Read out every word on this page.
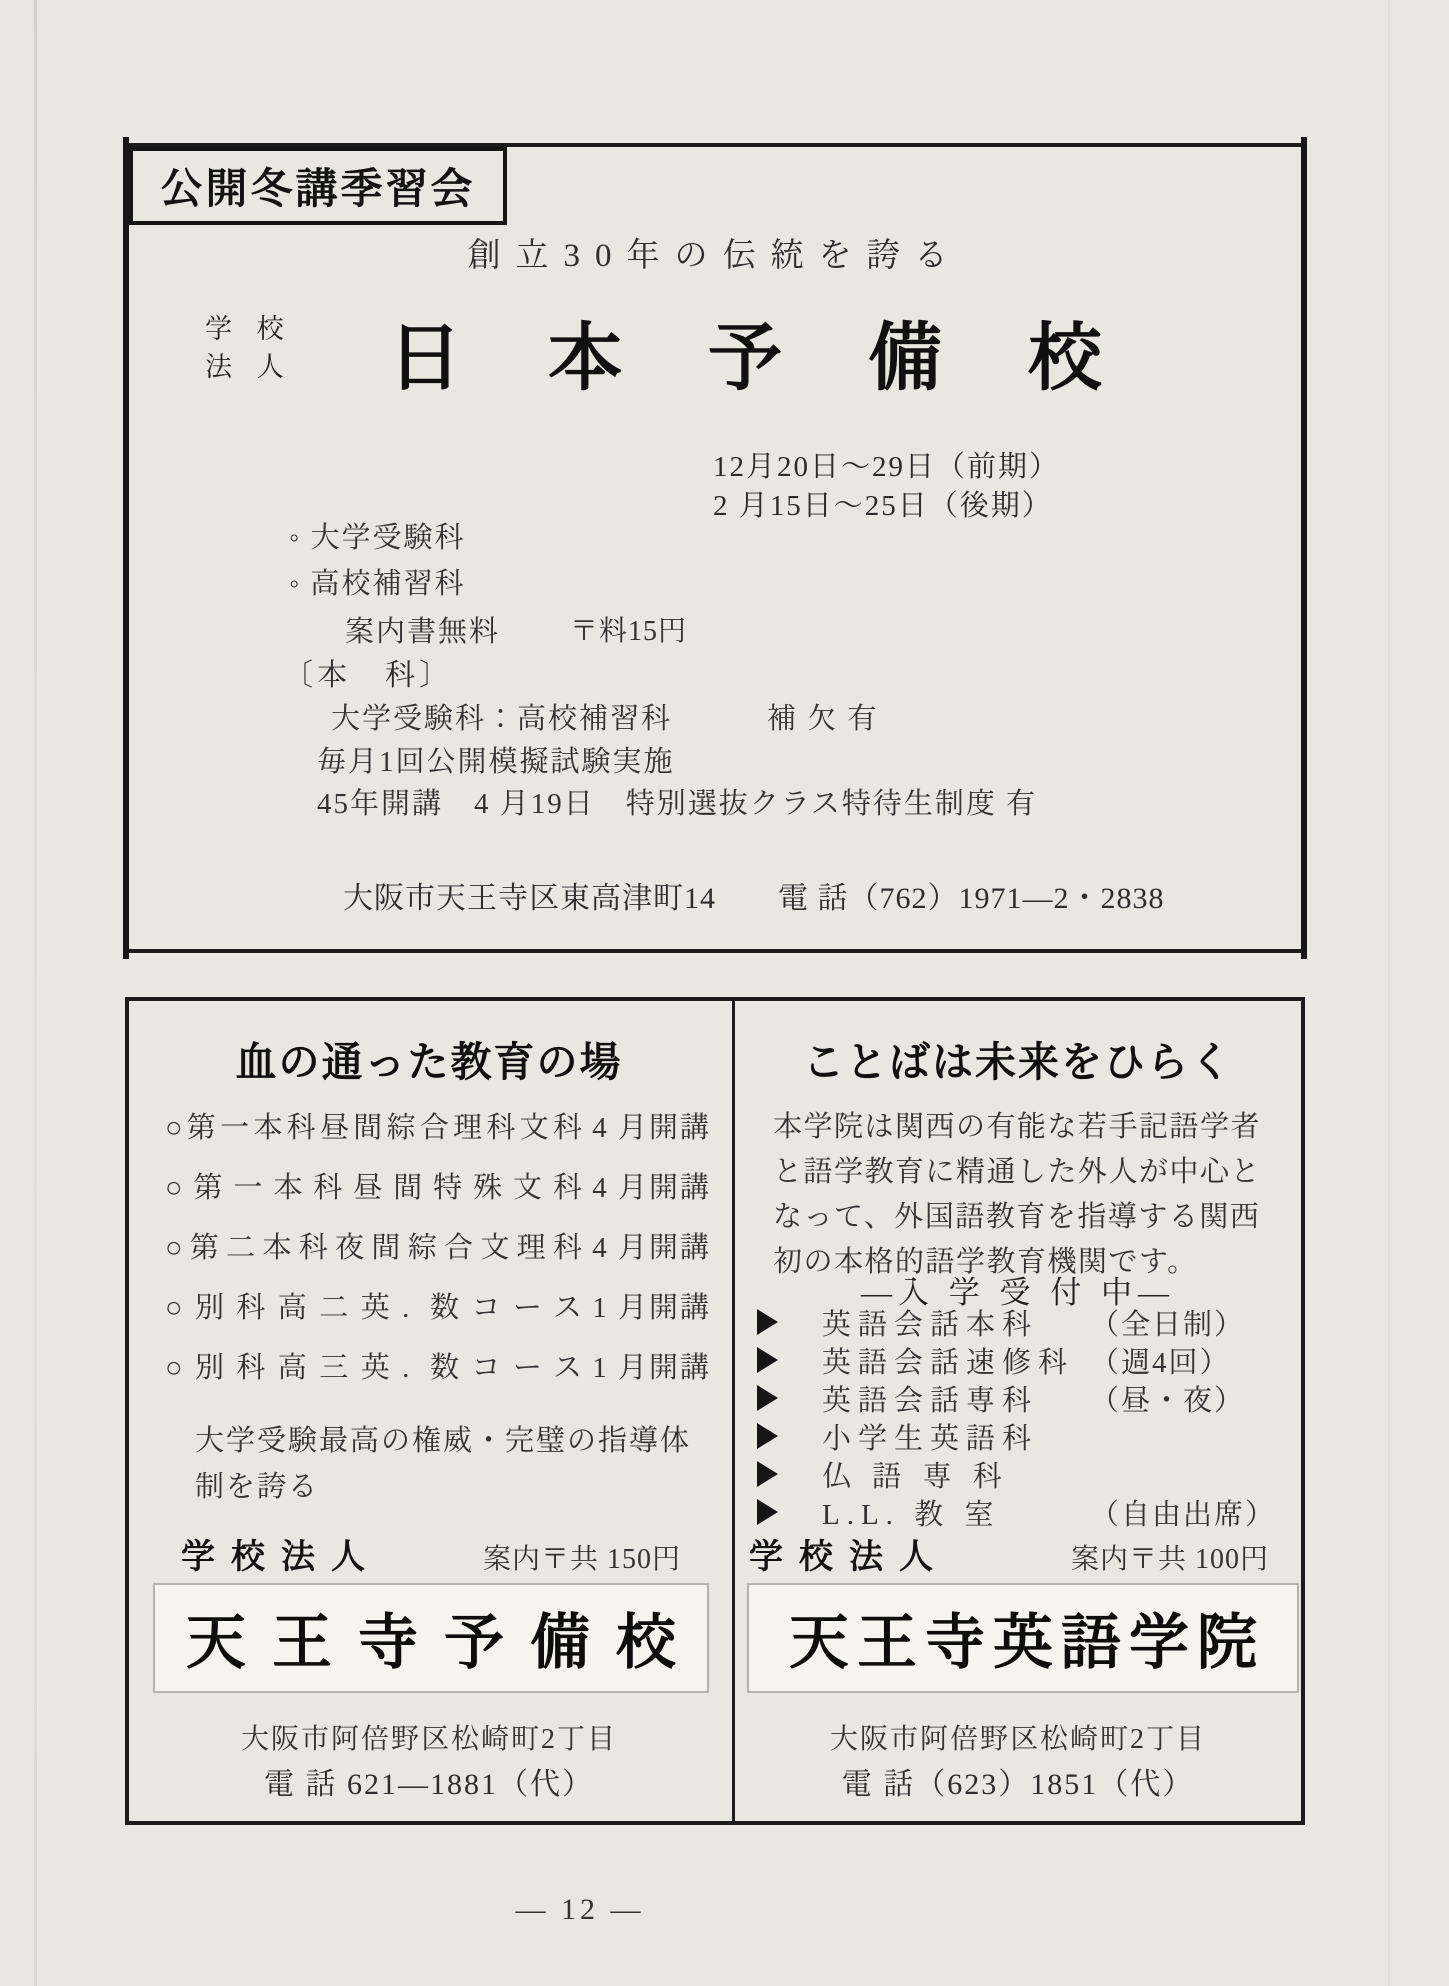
創立30年の伝統を誇る
学 校
法 人	日本予備校
公開冬講季習会
12月20日～29日（前期）
2 月15日～25日（後期）
◦ 大学受験科
◦ 高校補習科
案内書無料	〒料15円
〔本　科〕
大学受験科：高校補習科	補 欠 有
毎月1回公開模擬試験実施
45年開講　4 月19日　特別選抜クラス特待生制度 有
大阪市天王寺区東高津町14 電 話（762）1971—2・2838
血の通った教育の場
○第一本科昼間綜合理科文科 4 月開講
○第一本科昼間特殊文科 4 月開講
○第二本科夜間綜合文理科 4 月開講
○別科高二英. 数コース 1 月開講
○別科高三英. 数コース 1 月開講
大学受験最高の権威・完璧の指導体
制を誇る
学校法人	案内〒共 150円
天王寺予備校
大阪市阿倍野区松崎町2丁目
電 話 621—1881（代）
ことばは未来をひらく
本学院は関西の有能な若手記語学者
と語学教育に精通した外人が中心と
なって、外国語教育を指導する関西
初の本格的語学教育機関です。
―入 学 受 付 中―
英語会話本科	（全日制）
英語会話速修科 （週4回）
英語会話専科	（昼・夜）
小学生英語科
仏 語 専 科
L.L. 教 室	（自由出席）
学校法人	案内〒共 100円
天王寺英語学院
大阪市阿倍野区松崎町2丁目
電 話（623）1851（代）
— 12 —
